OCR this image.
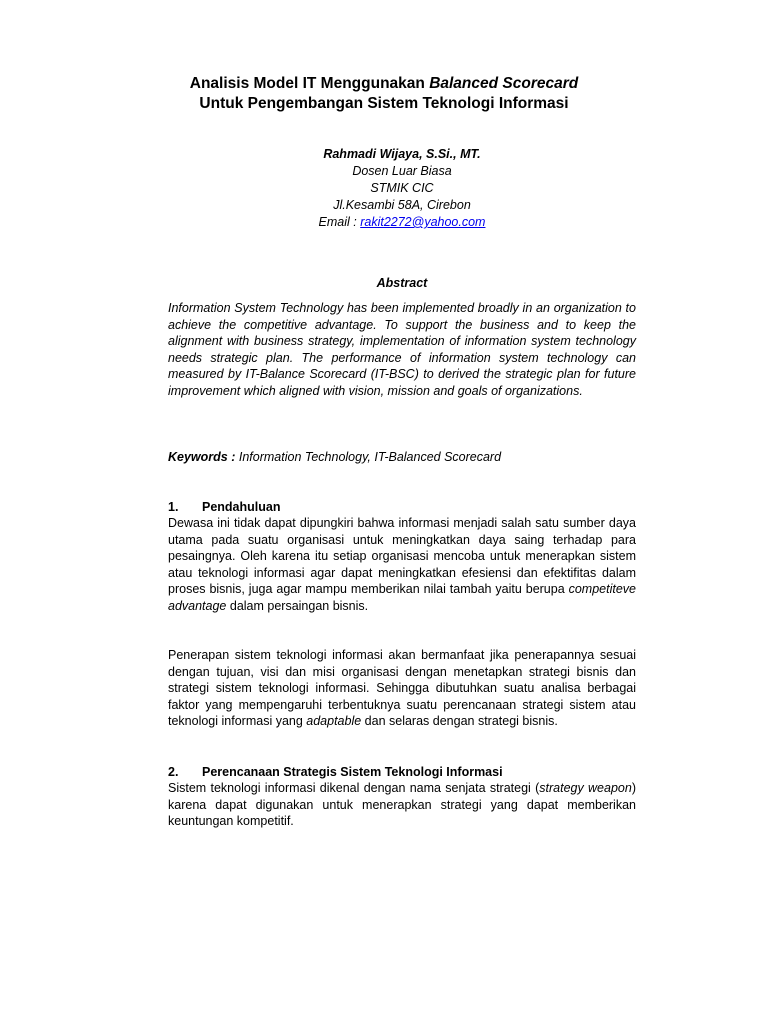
Analisis Model IT Menggunakan Balanced Scorecard

Untuk Pengembangan Sistem Teknologi Informasi

Rahmadi Wijaya, S.Si., MT.
Dosen Luar Biasa
STMIK CIC
Jl.Kesambi 58A, Cirebon
Email : rakit2272@yahoo.com
Abstract
Information System Technology has been implemented broadly in an organization to achieve the competitive advantage. To support the business and to keep the alignment with business strategy, implementation of information system technology needs strategic plan. The performance of information system technology can measured by IT-Balance Scorecard (IT-BSC) to derived the strategic plan for future improvement which aligned with vision, mission and goals of organizations.
Keywords : Information Technology, IT-Balanced Scorecard
1. Pendahuluan
Dewasa ini tidak dapat dipungkiri bahwa informasi menjadi salah satu sumber daya utama pada suatu organisasi untuk meningkatkan daya saing terhadap para pesaingnya. Oleh karena itu setiap organisasi mencoba untuk menerapkan sistem atau teknologi informasi agar dapat meningkatkan efesiensi dan efektifitas dalam proses bisnis, juga agar mampu memberikan nilai tambah yaitu berupa competiteve advantage dalam persaingan bisnis.
Penerapan sistem teknologi informasi akan bermanfaat jika penerapannya sesuai dengan tujuan, visi dan misi organisasi dengan menetapkan strategi bisnis dan strategi sistem teknologi informasi. Sehingga dibutuhkan suatu analisa berbagai faktor yang mempengaruhi terbentuknya suatu perencanaan strategi sistem atau teknologi informasi yang adaptable dan selaras dengan strategi bisnis.
2. Perencanaan Strategis Sistem Teknologi Informasi
Sistem teknologi informasi dikenal dengan nama senjata strategi (strategy weapon) karena dapat digunakan untuk menerapkan strategi yang dapat memberikan keuntungan kompetitif.
